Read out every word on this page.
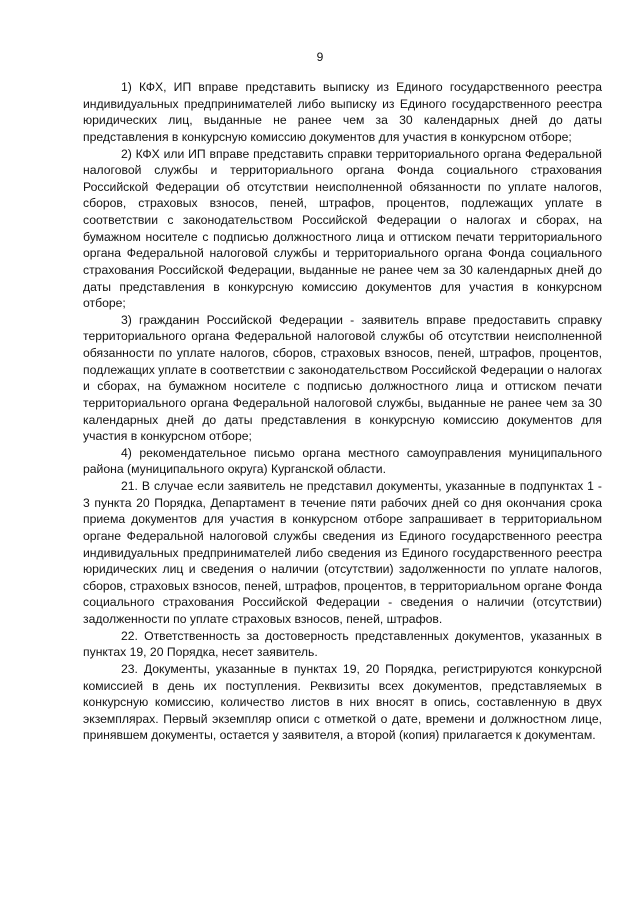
9

1) КФХ, ИП вправе представить выписку из Единого государственного реестра индивидуальных предпринимателей либо выписку из Единого государственного реестра юридических лиц, выданные не ранее чем за 30 календарных дней до даты представления в конкурсную комиссию документов для участия в конкурсном отборе;

2) КФХ или ИП вправе представить справки территориального органа Федеральной налоговой службы и территориального органа Фонда социального страхования Российской Федерации об отсутствии неисполненной обязанности по уплате налогов, сборов, страховых взносов, пеней, штрафов, процентов, подлежащих уплате в соответствии с законодательством Российской Федерации о налогах и сборах, на бумажном носителе с подписью должностного лица и оттиском печати территориального органа Федеральной налоговой службы и территориального органа Фонда социального страхования Российской Федерации, выданные не ранее чем за 30 календарных дней до даты представления в конкурсную комиссию документов для участия в конкурсном отборе;

3) гражданин Российской Федерации - заявитель вправе предоставить справку территориального органа Федеральной налоговой службы об отсутствии неисполненной обязанности по уплате налогов, сборов, страховых взносов, пеней, штрафов, процентов, подлежащих уплате в соответствии с законодательством Российской Федерации о налогах и сборах, на бумажном носителе с подписью должностного лица и оттиском печати территориального органа Федеральной налоговой службы, выданные не ранее чем за 30 календарных дней до даты представления в конкурсную комиссию документов для участия в конкурсном отборе;

4) рекомендательное письмо органа местного самоуправления муниципального района (муниципального округа) Курганской области.

21. В случае если заявитель не представил документы, указанные в подпунктах 1 - 3 пункта 20 Порядка, Департамент в течение пяти рабочих дней со дня окончания срока приема документов для участия в конкурсном отборе запрашивает в территориальном органе Федеральной налоговой службы сведения из Единого государственного реестра индивидуальных предпринимателей либо сведения из Единого государственного реестра юридических лиц и сведения о наличии (отсутствии) задолженности по уплате налогов, сборов, страховых взносов, пеней, штрафов, процентов, в территориальном органе Фонда социального страхования Российской Федерации - сведения о наличии (отсутствии) задолженности по уплате страховых взносов, пеней, штрафов.

22. Ответственность за достоверность представленных документов, указанных в пунктах 19, 20 Порядка, несет заявитель.

23. Документы, указанные в пунктах 19, 20 Порядка, регистрируются конкурсной комиссией в день их поступления. Реквизиты всех документов, представляемых в конкурсную комиссию, количество листов в них вносят в опись, составленную в двух экземплярах. Первый экземпляр описи с отметкой о дате, времени и должностном лице, принявшем документы, остается у заявителя, а второй (копия) прилагается к документам.
